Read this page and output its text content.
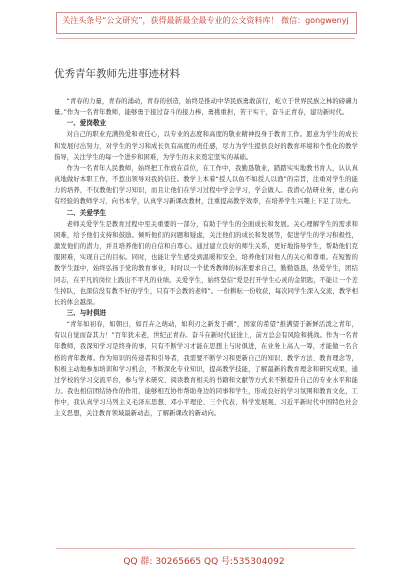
关注头条号“公文研究”，获得最新最全最专业的公文资料库！ 微信：gongwenyj
优秀青年教师先进事迹材料

“青春的力量，青春的涌动，青春的创造，始终是推动中华民族勇敢前行，屹立于世界民族之林的磅礴力量。”作为一名青年教师，能够勇于接过奋斗的接力棒，勇挑重担，苦干实干，奋斗正青春，建功新时代。

一、爱岗敬业

对自己的职业充满热爱和责任心，以专业的态度和高度的敬业精神投身于教育工作。愿意为学生的成长和发展付出努力，对学生的学习和成长负有高度的责任感，尽力为学生提供良好的教育环境和个性化的教学指导，关注学生的每一个进步和困难，为学生的未来奠定坚实的基础。

作为一名青年人民教师，始终把工作放在首位，在工作中，我勤恳敬业，踏踏实实地教书育人，认认真真地做好本职工作，不惹出领导对我的信任。教学上本着“授人以鱼不如授人以渔”的宗旨，注重对学生的能力的培养，不仅教他们学习知识，而且让他们在学习过程中学会学习，学会做人。我潜心钻研业务，虚心向有经验的教师学习，向书本学，认真学习新课改教材，注重提高教学效率，在培养学生兴趣上下足了功夫。

二、关爱学生

老师关爱学生是教育过程中至关重要的一部分，有助于学生的全面成长和发展。关心理解学生的需求和困难，给予他们支持和鼓励。倾听他们的问题和疑虑，关注他们的成长和发展等，促进学生的学习积极性，激发他们的潜力，并且培养他们的自信和自尊心。通过建立良好的师生关系，更好地指导学生，帮助他们克服困难，实现自己的目标。同时，也能让学生感受到温暖和安全，培养他们对他人的关心和尊重。在短暂的教学生涯中，始终弘扬于党的教育事业，时时以一个优秀教师的标准要求自己，勤勤恳恳，热爱学生，团结同志，在平凡的岗位上践出不平凡的业绩。关爱学生，始终坚信“爱是打开学生心灵的金钥匙，不能让一个差生掉队，也深信没有教不好的学生，只有不会教的老师”。一份耕耘一份收获，每次同学生深入交流，教学相长的体会越深。

三、与时俱进

“青年如初春，如朝日，如百卉之萌动，如利刃之新发于硎”，国家的希望“推满望于新鲜活泼之青年，有以自觉而奋其力！”百年犹未老，世纪正青春。奋斗在新时代征途上，前方总会有风险和挑战。作为一名青年教师，我深知学习是终身的事，只有不断学习才能在思想上与时俱进，在业务上高人一筹，才能做一名合格的青年教师。作为知识的传递者和引导者，我需要不断学习和更新自己的知识、教学方法、教育理念等，积极主动地参加培训和学习机会，不断深化专业知识，提高教学技能，了解最新的教育理念和研究成果，通过学校的学习交流平台，参与学术研究、阅读教育相关的书籍和文献等方式来不断提升自己的专业水平和能力。我也相信团结协作的作用，能够相互协作帮助身边的同事和学生，形成良好的学习氛围和教育文化，工作中，我认真学习马列主义毛泽东思想、邓小平理论、三个代表、科学发展观、习近平新时代中国特色社会主义思想，关注教育领域最新动态，了解新课改的新动向。

QQ 群: 30265665 QQ 号:535304092
